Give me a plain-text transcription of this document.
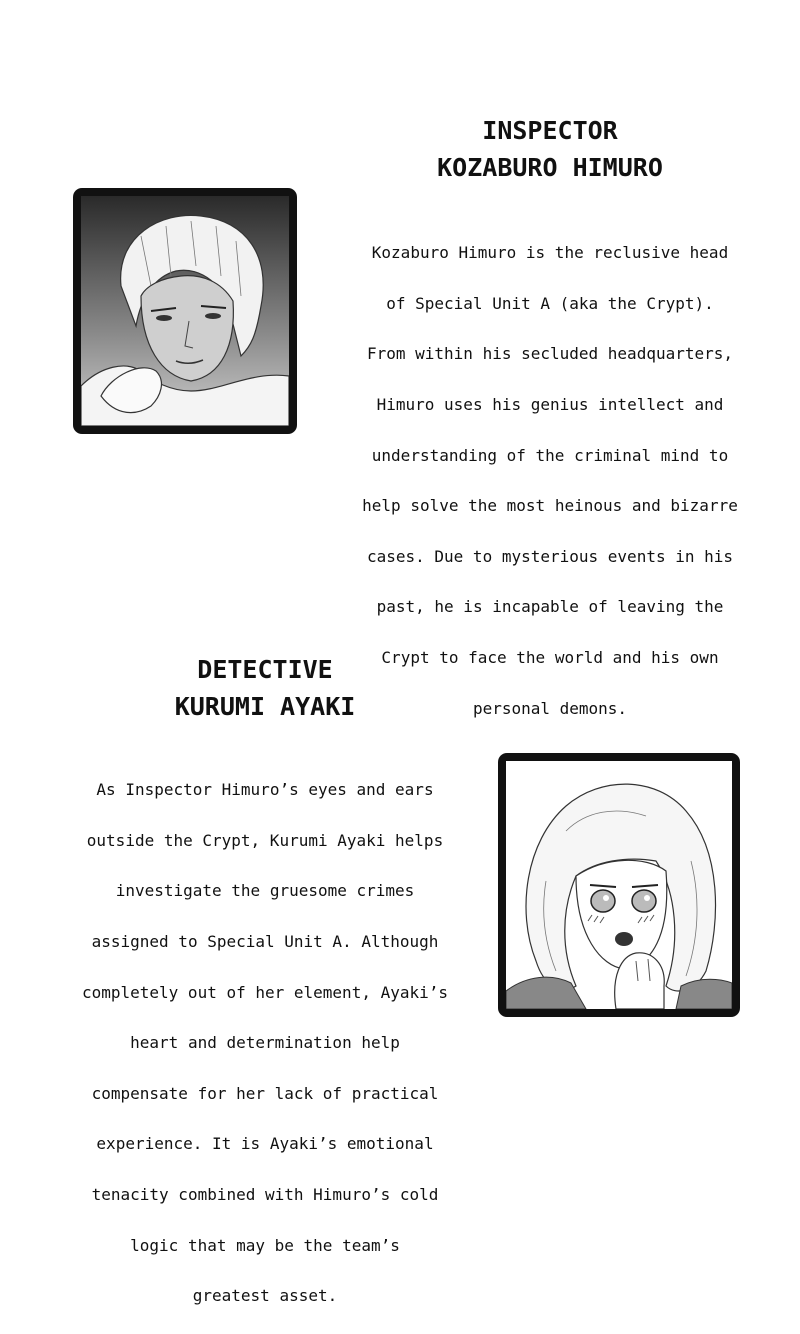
INSPECTOR
KOZABURO HIMURO

Kozaburo Himuro is the reclusive head

of Special Unit A (aka the Crypt).

From within his secluded headquarters,

Himuro uses his genius intellect and

understanding of the criminal mind to

help solve the most heinous and bizarre

cases. Due to mysterious events in his

past, he is incapable of leaving the

Crypt to face the world and his own

personal demons.

DETECTIVE
KURUMI AYAKI

As Inspector Himuro’s eyes and ears

outside the Crypt, Kurumi Ayaki helps

investigate the gruesome crimes

assigned to Special Unit A. Although

completely out of her element, Ayaki’s

heart and determination help

compensate for her lack of practical

experience. It is Ayaki’s emotional

tenacity combined with Himuro’s cold

logic that may be the team’s

greatest asset.
